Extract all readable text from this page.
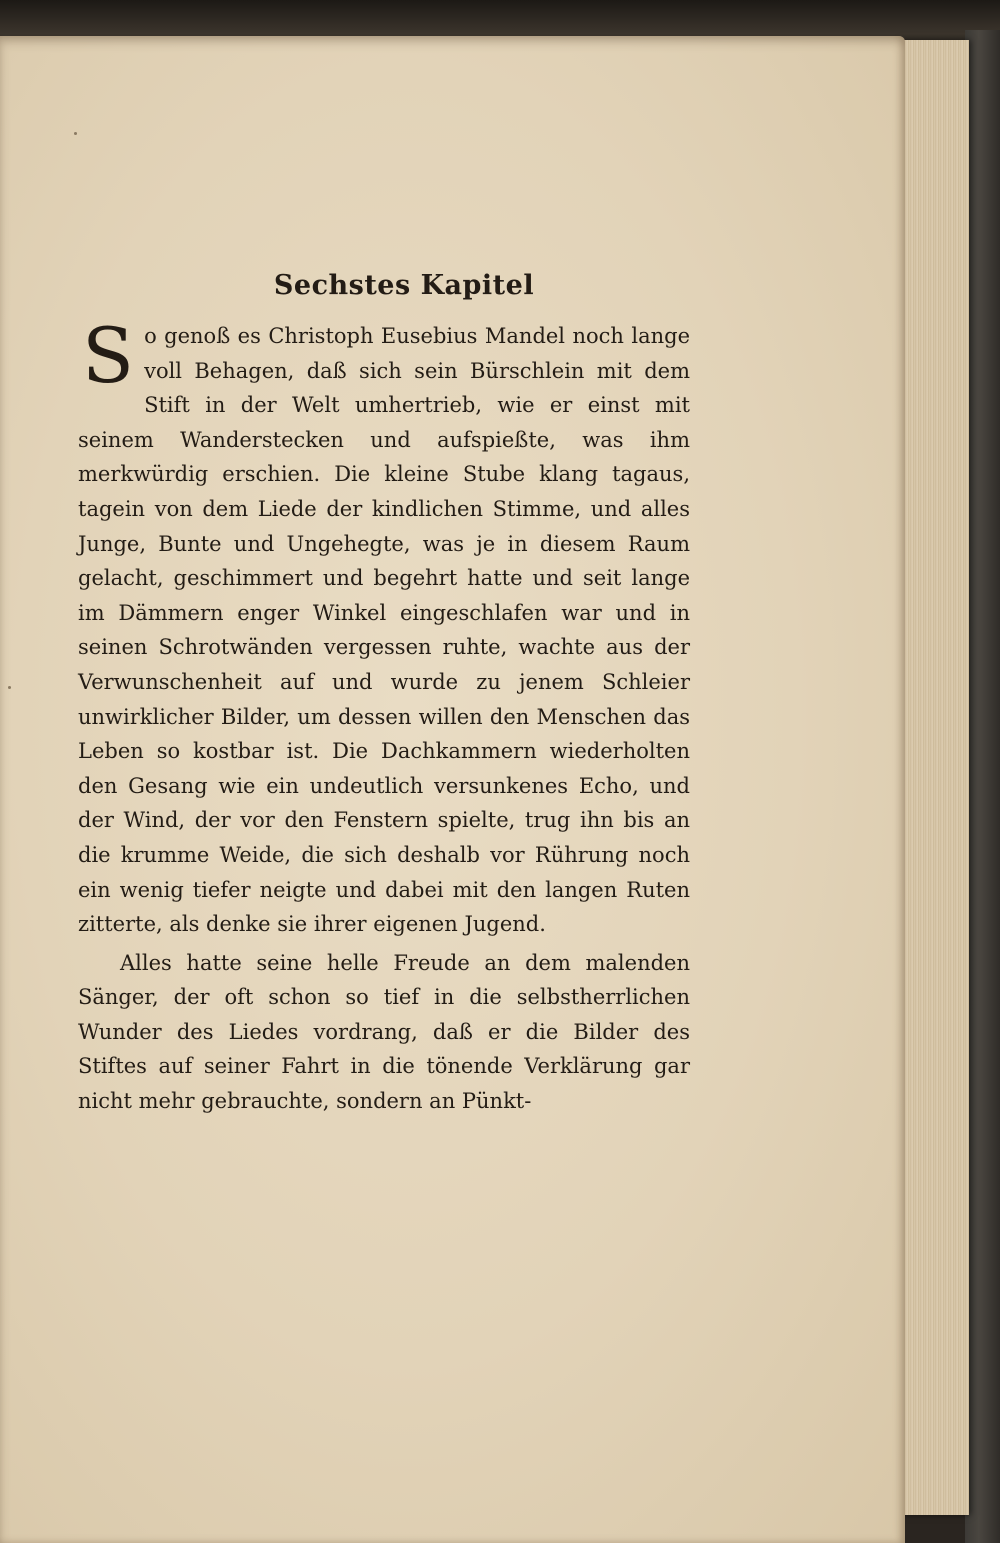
Sechstes Kapitel

So genoß es Christoph Eusebius Mandel noch lange voll Behagen, daß sich sein Bürschlein mit dem Stift in der Welt umhertrieb, wie er einst mit seinem Wanderstecken und aufspießte, was ihm merkwürdig erschien. Die kleine Stube klang tagaus, tagein von dem Liede der kindlichen Stimme, und alles Junge, Bunte und Ungehegte, was je in diesem Raum gelacht, geschimmert und begehrt hatte und seit lange im Dämmern enger Winkel eingeschlafen war und in seinen Schrotwänden vergessen ruhte, wachte aus der Verwunschenheit auf und wurde zu jenem Schleier unwirklicher Bilder, um dessen willen den Menschen das Leben so kostbar ist. Die Dachkammern wiederholten den Gesang wie ein undeutlich versunkenes Echo, und der Wind, der vor den Fenstern spielte, trug ihn bis an die krumme Weide, die sich deshalb vor Rührung noch ein wenig tiefer neigte und dabei mit den langen Ruten zitterte, als denke sie ihrer eigenen Jugend.

Alles hatte seine helle Freude an dem malenden Sänger, der oft schon so tief in die selbstherrlichen Wunder des Liedes vordrang, daß er die Bilder des Stiftes auf seiner Fahrt in die tönende Verklärung gar nicht mehr gebrauchte, sondern an Pünkt-
